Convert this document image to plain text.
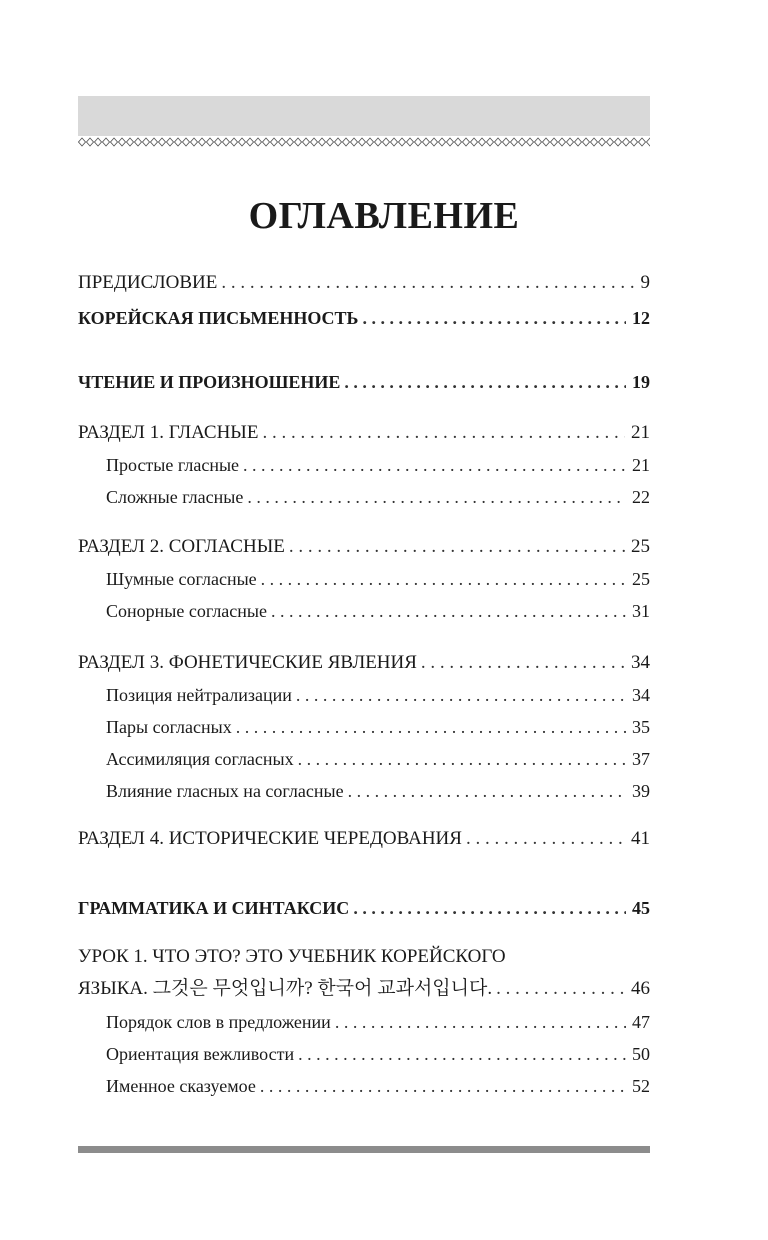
ОГЛАВЛЕНИЕ
ПРЕДИСЛОВИЕ . . .	9
КОРЕЙСКАЯ ПИСЬМЕННОСТЬ . . .	12
ЧТЕНИЕ И ПРОИЗНОШЕНИЕ . . .	19
РАЗДЕЛ 1. ГЛАСНЫЕ . . .	21
Простые гласные . . .	21
Сложные гласные . . .	22
РАЗДЕЛ 2. СОГЛАСНЫЕ . . .	25
Шумные согласные . . .	25
Сонорные согласные . . .	31
РАЗДЕЛ 3. ФОНЕТИЧЕСКИЕ ЯВЛЕНИЯ . . .	34
Позиция нейтрализации . . .	34
Пары согласных . . .	35
Ассимиляция согласных . . .	37
Влияние гласных на согласные . . .	39
РАЗДЕЛ 4. ИСТОРИЧЕСКИЕ ЧЕРЕДОВАНИЯ . . .	41
ГРАММАТИКА И СИНТАКСИС . . .	45
УРОК 1. ЧТО ЭТО? ЭТО УЧЕБНИК КОРЕЙСКОГО
ЯЗЫКА. 그것은 무엇입니까? 한국어 교과서입니다. . . .	46
Порядок слов в предложении . . .	47
Ориентация вежливости . . .	50
Именное сказуемое . . .	52
